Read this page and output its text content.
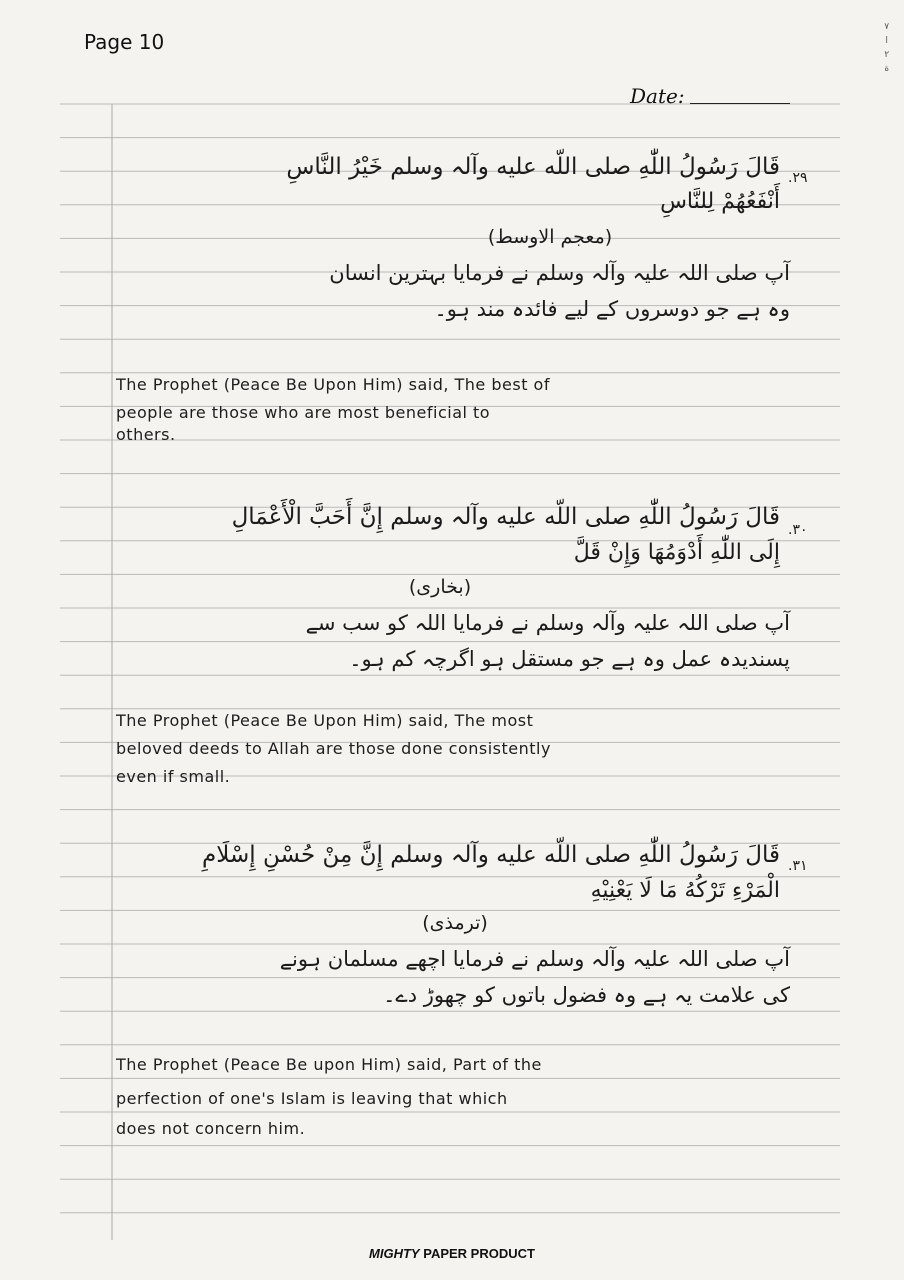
Page 10
۷
ا
۲
ة
Date:
۲۹.
قَالَ رَسُولُ اللّٰهِ صلی اللّه علیه وآلہ وسلم خَیْرُ النَّاسِ
أَنْفَعُهُمْ لِلنَّاسِ
(معجم الاوسط)
آپ صلی اللہ علیہ وآلہ وسلم نے فرمایا بہترین انسان
وہ ہے جو دوسروں کے لیے فائدہ مند ہو۔
The Prophet (Peace Be Upon Him) said, The best of
people are those who are most beneficial to
others.
۳۰.
قَالَ رَسُولُ اللّٰهِ صلی اللّه علیه وآلہ وسلم إِنَّ أَحَبَّ الْأَعْمَالِ
إِلَى اللّٰهِ أَدْوَمُهَا وَإِنْ قَلَّ
(بخاری)
آپ صلی اللہ علیہ وآلہ وسلم نے فرمایا اللہ کو سب سے
پسندیدہ عمل وہ ہے جو مستقل ہو اگرچہ کم ہو۔
The Prophet (Peace Be Upon Him) said, The most
beloved deeds to Allah are those done consistently
even if small.
۳۱.
قَالَ رَسُولُ اللّٰهِ صلی اللّه علیه وآلہ وسلم إِنَّ مِنْ حُسْنِ إِسْلَامِ
الْمَرْءِ تَرْکُهُ مَا لَا یَعْنِیْهِ
(ترمذی)
آپ صلی اللہ علیہ وآلہ وسلم نے فرمایا اچھے مسلمان ہونے
کی علامت یہ ہے وہ فضول باتوں کو چھوڑ دے۔
The Prophet (Peace Be upon Him) said, Part of the
perfection of one's Islam is leaving that which
does not concern him.
MIGHTY PAPER PRODUCT
